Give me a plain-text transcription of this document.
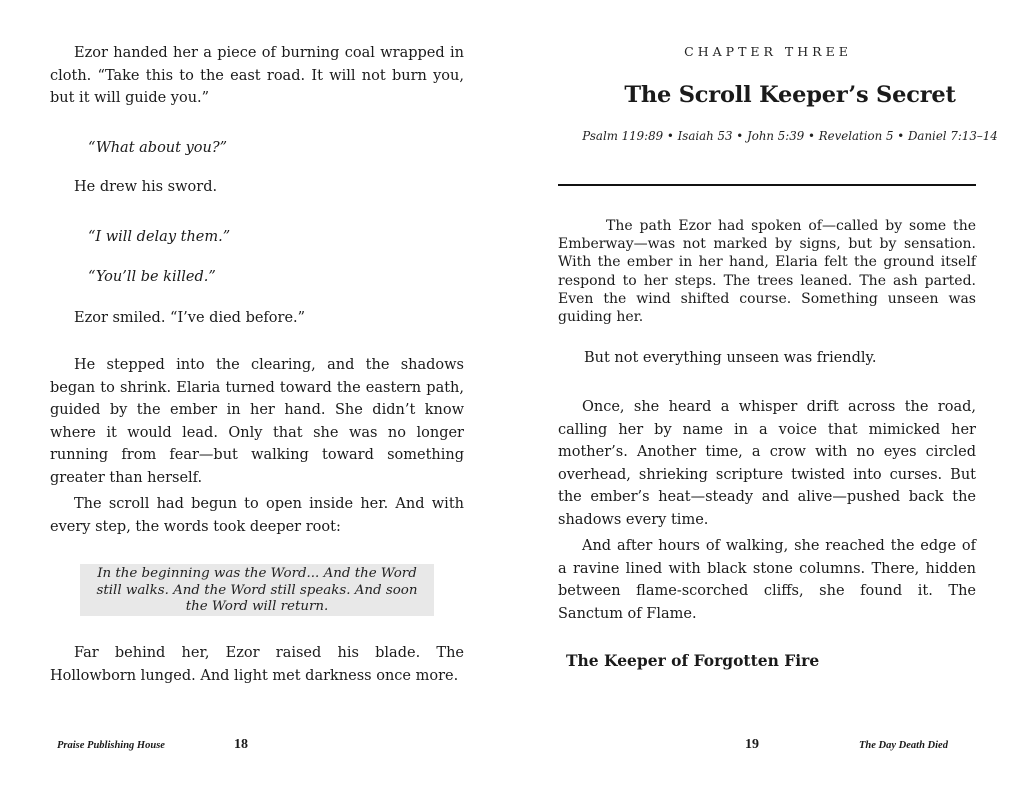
Ezor handed her a piece of burning coal wrapped in cloth. “Take this to the east road. It will not burn you, but it will guide you.”

“What about you?”

He drew his sword.

“I will delay them.”

“You’ll be killed.”

Ezor smiled. “I’ve died before.”

He stepped into the clearing, and the shadows began to shrink. Elaria turned toward the eastern path, guided by the ember in her hand. She didn’t know where it would lead. Only that she was no longer running from fear—but walking toward something greater than herself.

The scroll had begun to open inside her. And with every step, the words took deeper root:

In the beginning was the Word... And the Word still walks. And the Word still speaks. And soon the Word will return.

Far behind her, Ezor raised his blade. The Hollowborn lunged. And light met darkness once more.

Praise Publishing House	18
CHAPTER THREE
The Scroll Keeper’s Secret
Psalm 119:89 • Isaiah 53 • John 5:39 • Revelation 5 • Daniel 7:13–14

The path Ezor had spoken of—called by some the Emberway—was not marked by signs, but by sensation. With the ember in her hand, Elaria felt the ground itself respond to her steps. The trees leaned. The ash parted. Even the wind shifted course. Something unseen was guiding her.

But not everything unseen was friendly.

Once, she heard a whisper drift across the road, calling her by name in a voice that mimicked her mother’s. Another time, a crow with no eyes circled overhead, shrieking scripture twisted into curses. But the ember’s heat—steady and alive—pushed back the shadows every time.

And after hours of walking, she reached the edge of a ravine lined with black stone columns. There, hidden between flame-scorched cliffs, she found it. The Sanctum of Flame.

The Keeper of Forgotten Fire
19	The Day Death Died
